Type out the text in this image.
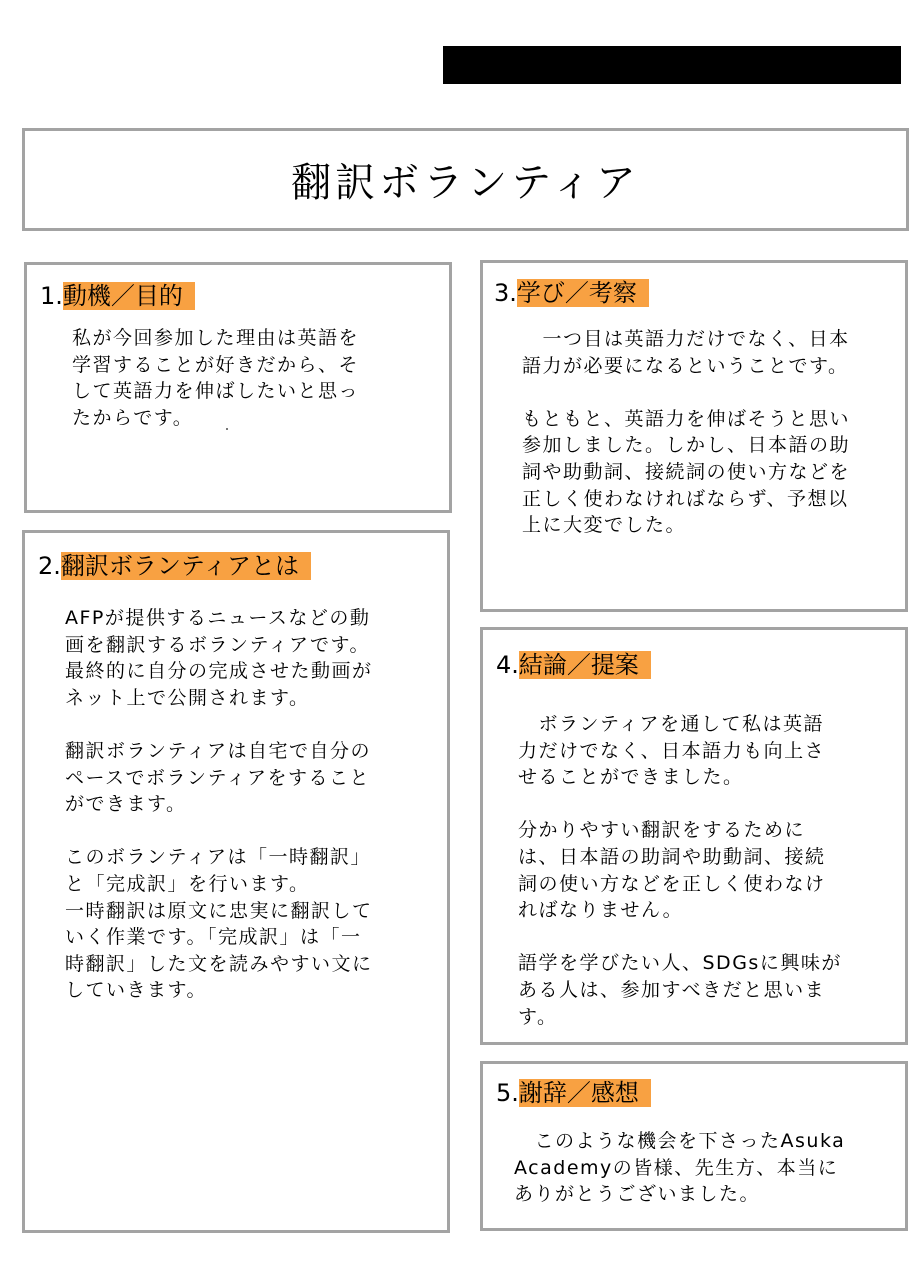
翻訳ボランティア
1.動機／目的

私が今回参加した理由は英語を
学習することが好きだから、そ
して英語力を伸ばしたいと思っ
たからです。

2.翻訳ボランティアとは

AFPが提供するニュースなどの動
画を翻訳するボランティアです。
最終的に自分の完成させた動画が
ネット上で公開されます。

翻訳ボランティアは自宅で自分の
ペースでボランティアをすること
ができます。

このボランティアは「一時翻訳」
と「完成訳」を行います。
一時翻訳は原文に忠実に翻訳して
いく作業です。「完成訳」は「一
時翻訳」した文を読みやすい文に
していきます。

3.学び／考察

　一つ目は英語力だけでなく、日本
語力が必要になるということです。

もともと、英語力を伸ばそうと思い
参加しました。しかし、日本語の助
詞や助動詞、接続詞の使い方などを
正しく使わなければならず、予想以
上に大変でした。

4.結論／提案

　ボランティアを通して私は英語
力だけでなく、日本語力も向上さ
せることができました。

分かりやすい翻訳をするために
は、日本語の助詞や助動詞、接続
詞の使い方などを正しく使わなけ
ればなりません。

語学を学びたい人、SDGsに興味が
ある人は、参加すべきだと思いま
す。

5.謝辞／感想

　このような機会を下さったAsuka
Academyの皆様、先生方、本当に
ありがとうございました。
